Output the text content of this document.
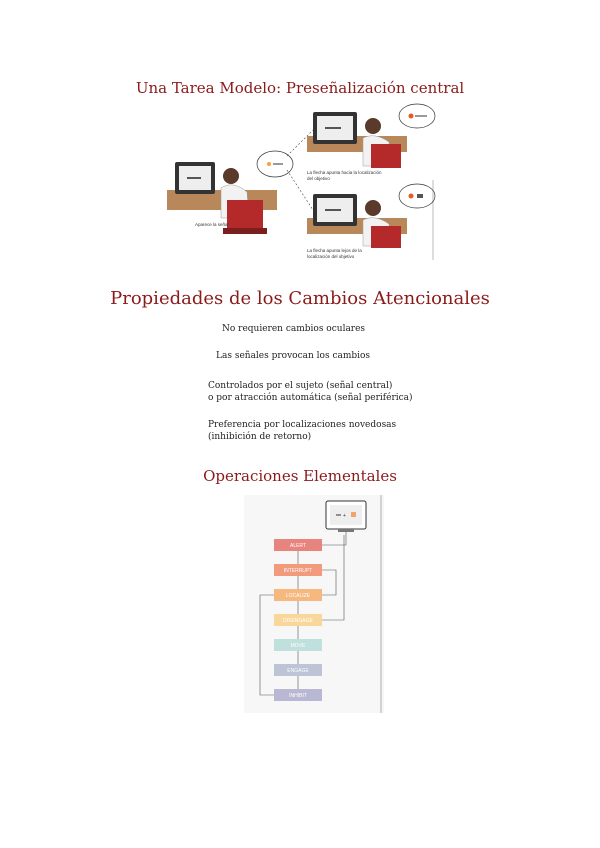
Una Tarea Modelo: Preseñalización central
Aparece la señal
La flecha apunta hacia la localización
del objetivo
La flecha apunta lejos de la
localización del objetivo
Propiedades de los Cambios Atencionales
No requieren cambios oculares
Las señales provocan los cambios
Controlados por el sujeto (señal central)
o por atracción automática (señal periférica)
Preferencia por localizaciones novedosas
(inhibición de retorno)
Operaciones Elementales
+
ALERT
INTERRUPT
LOCALIZE
DISENGAGE
MOVE
ENGAGE
INHIBIT
